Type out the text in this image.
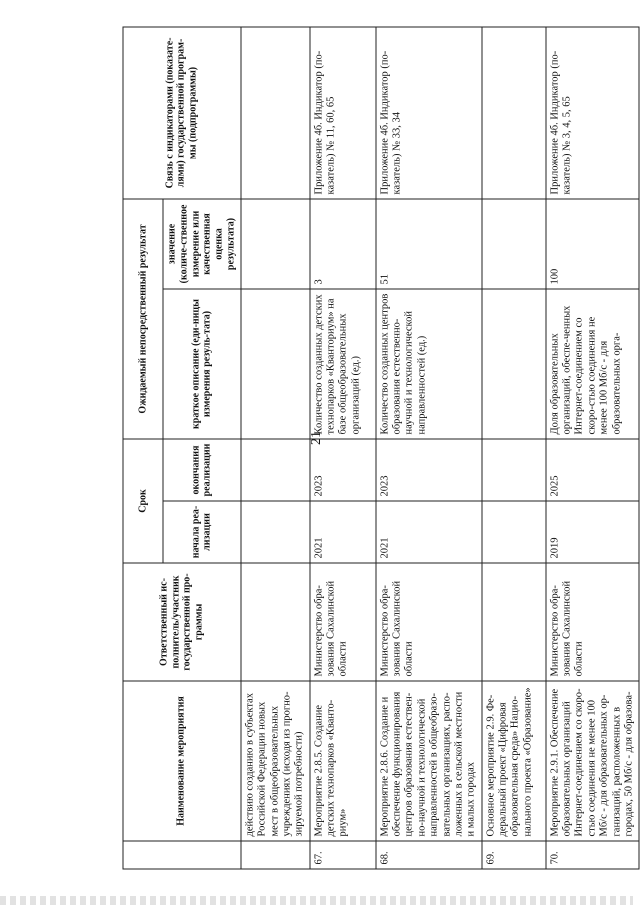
21
	Наименование мероприятия	Ответственный ис-полнитель/участник государственной про-граммы	Срок		Ожидаемый непосредственный результат		Связь с индикаторами (показате-лями) государственной програм-мы (подпрограммы)
			начала реа-лизации	окончания реализации	краткое описание (еди-ницы измерения резуль-тата)	значение (количе-ственное измерение или качественная оценка результата)	
	действию созданию в субъектах Российской Федерации новых мест в общеобразовательных учреждениях (исходя из прогно-зируемой потребности)						
67.	Мероприятие 2.8.5. Создание детских технопарков «Кванто-риум»	Министерство обра-зования Сахалинской области	2021	2023	Количество созданных детских технопарков «Кванториум» на базе общеобразовательных организаций (ед.)	3	Приложение 4б. Индикатор (по-казатель) № 11, 60, 65
68.	Мероприятие 2.8.6. Создание и обеспечение функционирования центров образования естествен-но-научной и технологической направленностей в общеобразо-вательных организациях, распо-ложенных в сельской местности и малых городах	Министерство обра-зования Сахалинской области	2021	2023	Количество созданных центров образования естественно-научной и технологической направленностей (ед.)	51	Приложение 4б. Индикатор (по-казатель) № 33, 34
69.	Основное мероприятие 2.9. Фе-деральный проект «Цифровая образовательная среда» Нацио-нального проекта «Образование»						
70.	Мероприятие 2.9.1. Обеспечение образовательных организаций Интернет-соединением со скоро-стью соединения не менее 100 Мб/с - для образовательных ор-ганизаций, расположенных в городах, 50 Мб/с - для образова-	Министерство обра-зования Сахалинской области	2019	2025	Доля образовательных организаций, обеспе-ченных Интернет-соединением со скоро-стью соединения не менее 100 Мб/с - для образовательных орга-	100	Приложение 4б. Индикатор (по-казатель) № 3, 4, 5, 65
